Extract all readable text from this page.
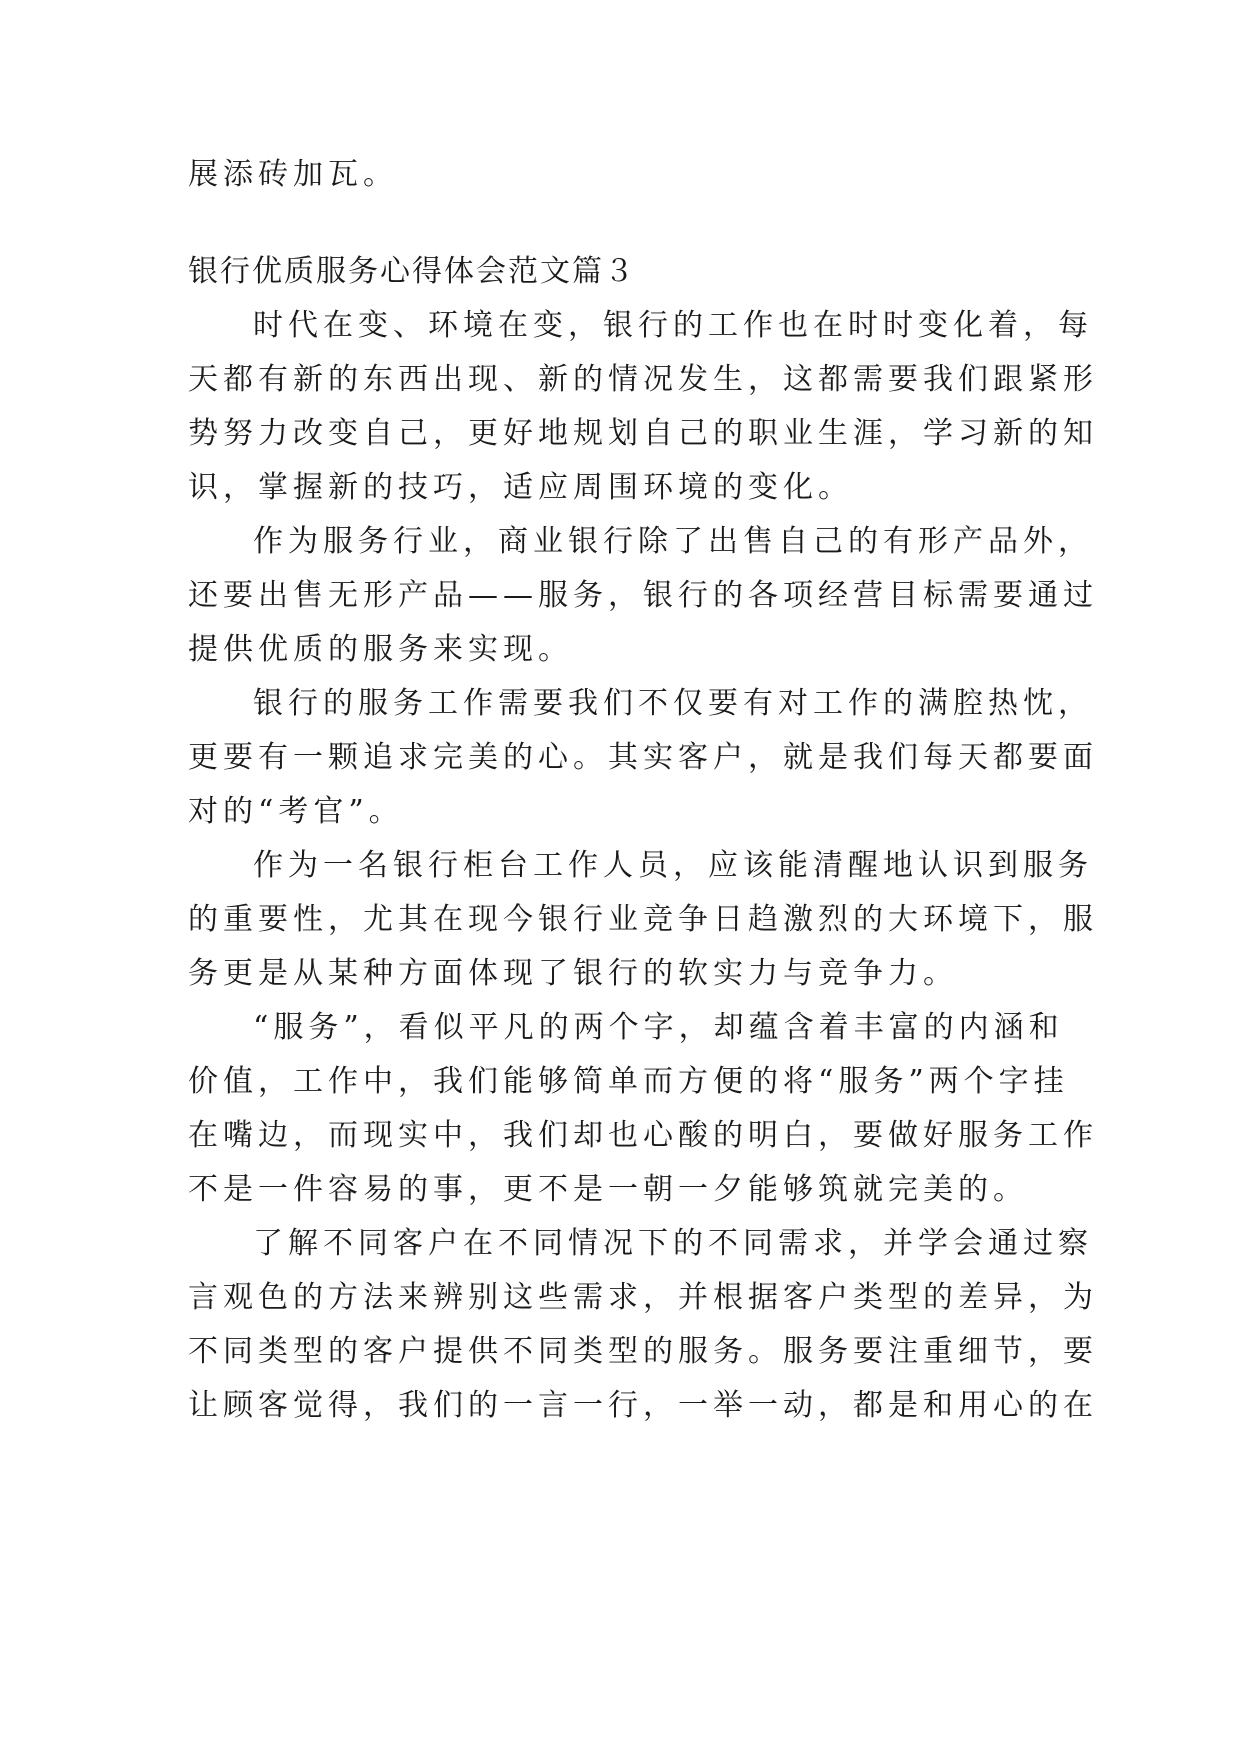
展添砖加瓦。
银行优质服务心得体会范文篇３
时代在变、环境在变，银行的工作也在时时变化着，每
天都有新的东西出现、新的情况发生，这都需要我们跟紧形
势努力改变自己，更好地规划自己的职业生涯，学习新的知
识，掌握新的技巧，适应周围环境的变化。
作为服务行业，商业银行除了出售自己的有形产品外，
还要出售无形产品——服务，银行的各项经营目标需要通过
提供优质的服务来实现。
银行的服务工作需要我们不仅要有对工作的满腔热忱，
更要有一颗追求完美的心。其实客户，就是我们每天都要面
对的“考官”。
作为一名银行柜台工作人员，应该能清醒地认识到服务
的重要性，尤其在现今银行业竞争日趋激烈的大环境下，服
务更是从某种方面体现了银行的软实力与竞争力。
“服务”，看似平凡的两个字，却蕴含着丰富的内涵和
价值，工作中，我们能够简单而方便的将“服务”两个字挂
在嘴边，而现实中，我们却也心酸的明白，要做好服务工作
不是一件容易的事，更不是一朝一夕能够筑就完美的。
了解不同客户在不同情况下的不同需求，并学会通过察
言观色的方法来辨别这些需求，并根据客户类型的差异，为
不同类型的客户提供不同类型的服务。服务要注重细节，要
让顾客觉得，我们的一言一行，一举一动，都是和用心的在
